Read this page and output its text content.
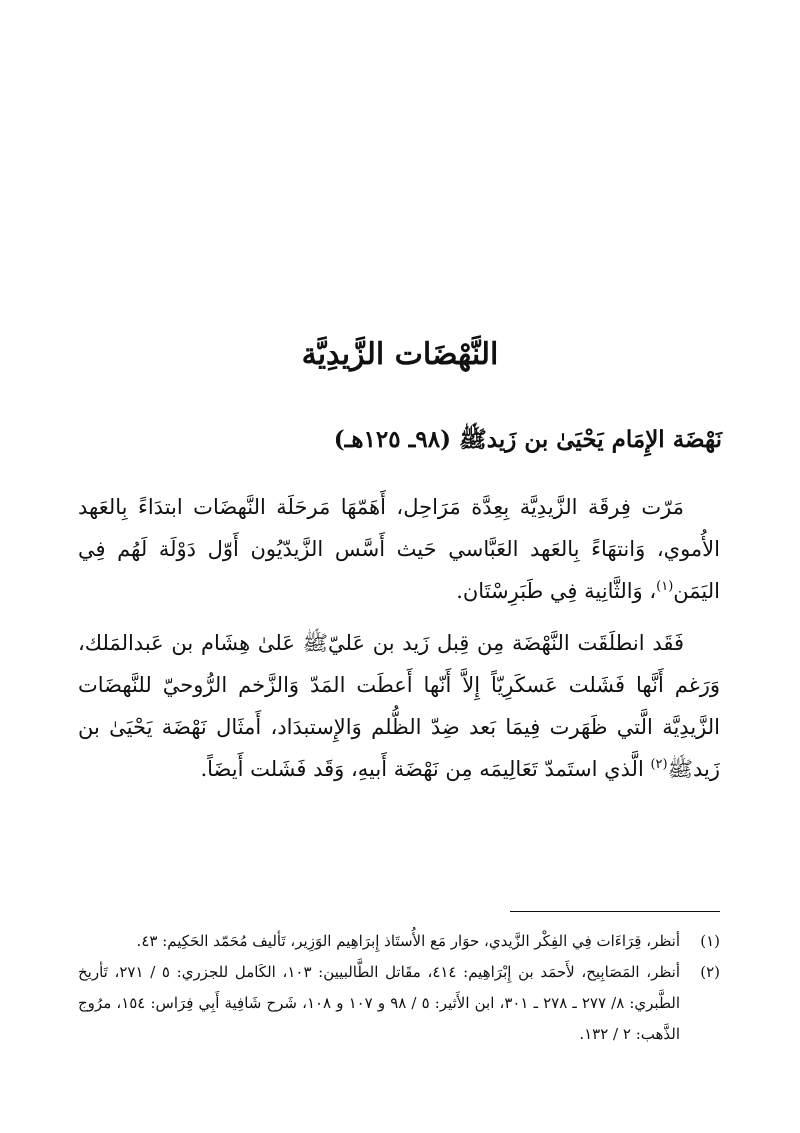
النَّهْضَات الزَّيدِيَّة
نَهْضَة الإِمَام يَحْيَىٰ بن زَيدﷺ (٩٨ـ ١٢٥هـ)

مَرّت فِرقَة الزَّيدِيَّة بِعِدَّة مَرَاحِل، أَهَمّهَا مَرحَلَة النَّهضَات ابتدَاءً بِالعَهد الأُموي، وَانتهَاءً بِالعَهد العَبَّاسي حَيث أَسَّس الزَّيدّيُون أَوّل دَوْلَة لَهُم فِي اليَمَن$^{(١)}$، وَالثَّانِية فِي طَبَرِسْتَان.

فَقَد انطلَقَت النَّهْضَة مِن قِبل زَيد بن عَليّﷺ عَلىٰ هِشَام بن عَبدالمَلك، وَرَغم أَنَّها فَشَلت عَسكَرِيّاً إِلاَّ أَنّها أَعطَت المَدّ وَالزَّخم الرُّوحيّ للنَّهضَات الزَّيدِيَّة الَّتي ظَهَرت فِيمَا بَعد ضِدّ الظُّلم وَالإِستبدَاد، أَمثَال نَهْضَة يَحْيَىٰ بن زَيدﷺ$^{(٢)}$ الَّذي استَمدّ تَعَالِيمَه مِن نَهْضَة أَبيهِ، وَقَد فَشَلت أَيضَاً.

(١)
أنظر، قِرَاءَات فِي الفِكْر الزَّيدي، حوَار مَع الأُستَاذ إِبرَاهِيم الوَزِير، تَأليف مُحَمّد الحَكِيم: ٤٣.
(٢)
أنظر، المَصَابِيح، لأَحمَد بن إِبْرَاهِيم: ٤١٤، مقَاتل الطَّالبيين: ١٠٣، الكَامل للجزري: ٥ / ٢٧١، تَأريخ الطَّبري: ٨/ ٢٧٧ ـ ٢٧٨ ـ ٣٠١، ابن الأَثير: ٥ / ٩٨ و ١٠٧ و ١٠٨، شَرح شَافِية أَبِي فِرَاس: ١٥٤، مرُوج الذَّهب: ٢ / ١٣٢.
